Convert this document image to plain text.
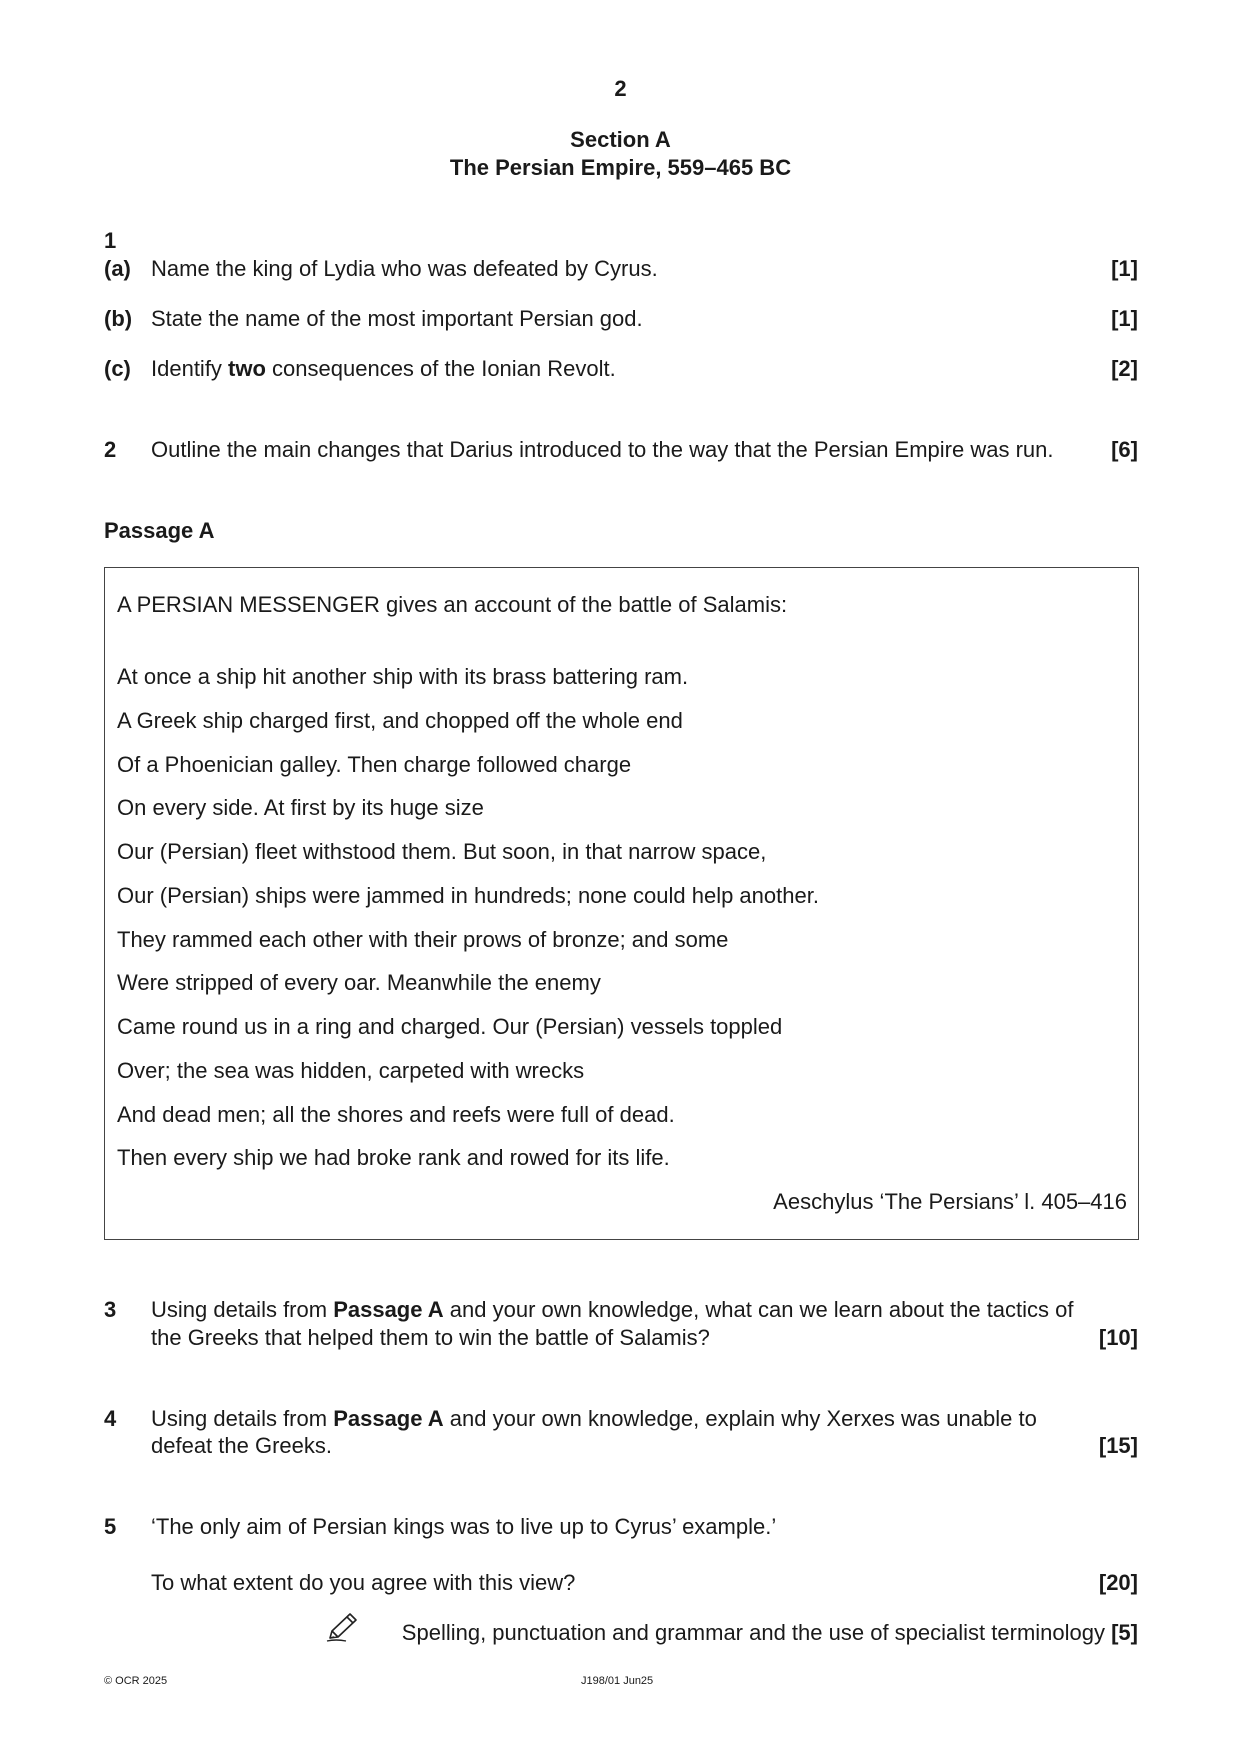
2
Section A
The Persian Empire, 559–465 BC
1
(a) Name the king of Lydia who was defeated by Cyrus.	[1]
(b) State the name of the most important Persian god.	[1]
(c) Identify two consequences of the Ionian Revolt.	[2]
2 Outline the main changes that Darius introduced to the way that the Persian Empire was run.	[6]
Passage A
A PERSIAN MESSENGER gives an account of the battle of Salamis:
At once a ship hit another ship with its brass battering ram.
A Greek ship charged first, and chopped off the whole end
Of a Phoenician galley. Then charge followed charge
On every side. At first by its huge size
Our (Persian) fleet withstood them. But soon, in that narrow space,
Our (Persian) ships were jammed in hundreds; none could help another.
They rammed each other with their prows of bronze; and some
Were stripped of every oar. Meanwhile the enemy
Came round us in a ring and charged. Our (Persian) vessels toppled
Over; the sea was hidden, carpeted with wrecks
And dead men; all the shores and reefs were full of dead.
Then every ship we had broke rank and rowed for its life.
Aeschylus ‘The Persians’ l. 405–416
3 Using details from Passage A and your own knowledge, what can we learn about the tactics of
the Greeks that helped them to win the battle of Salamis?	[10]
4 Using details from Passage A and your own knowledge, explain why Xerxes was unable to
defeat the Greeks.	[15]
5 ‘The only aim of Persian kings was to live up to Cyrus’ example.’
To what extent do you agree with this view?	[20]
Spelling, punctuation and grammar and the use of specialist terminology [5]
© OCR 2025	J198/01 Jun25
